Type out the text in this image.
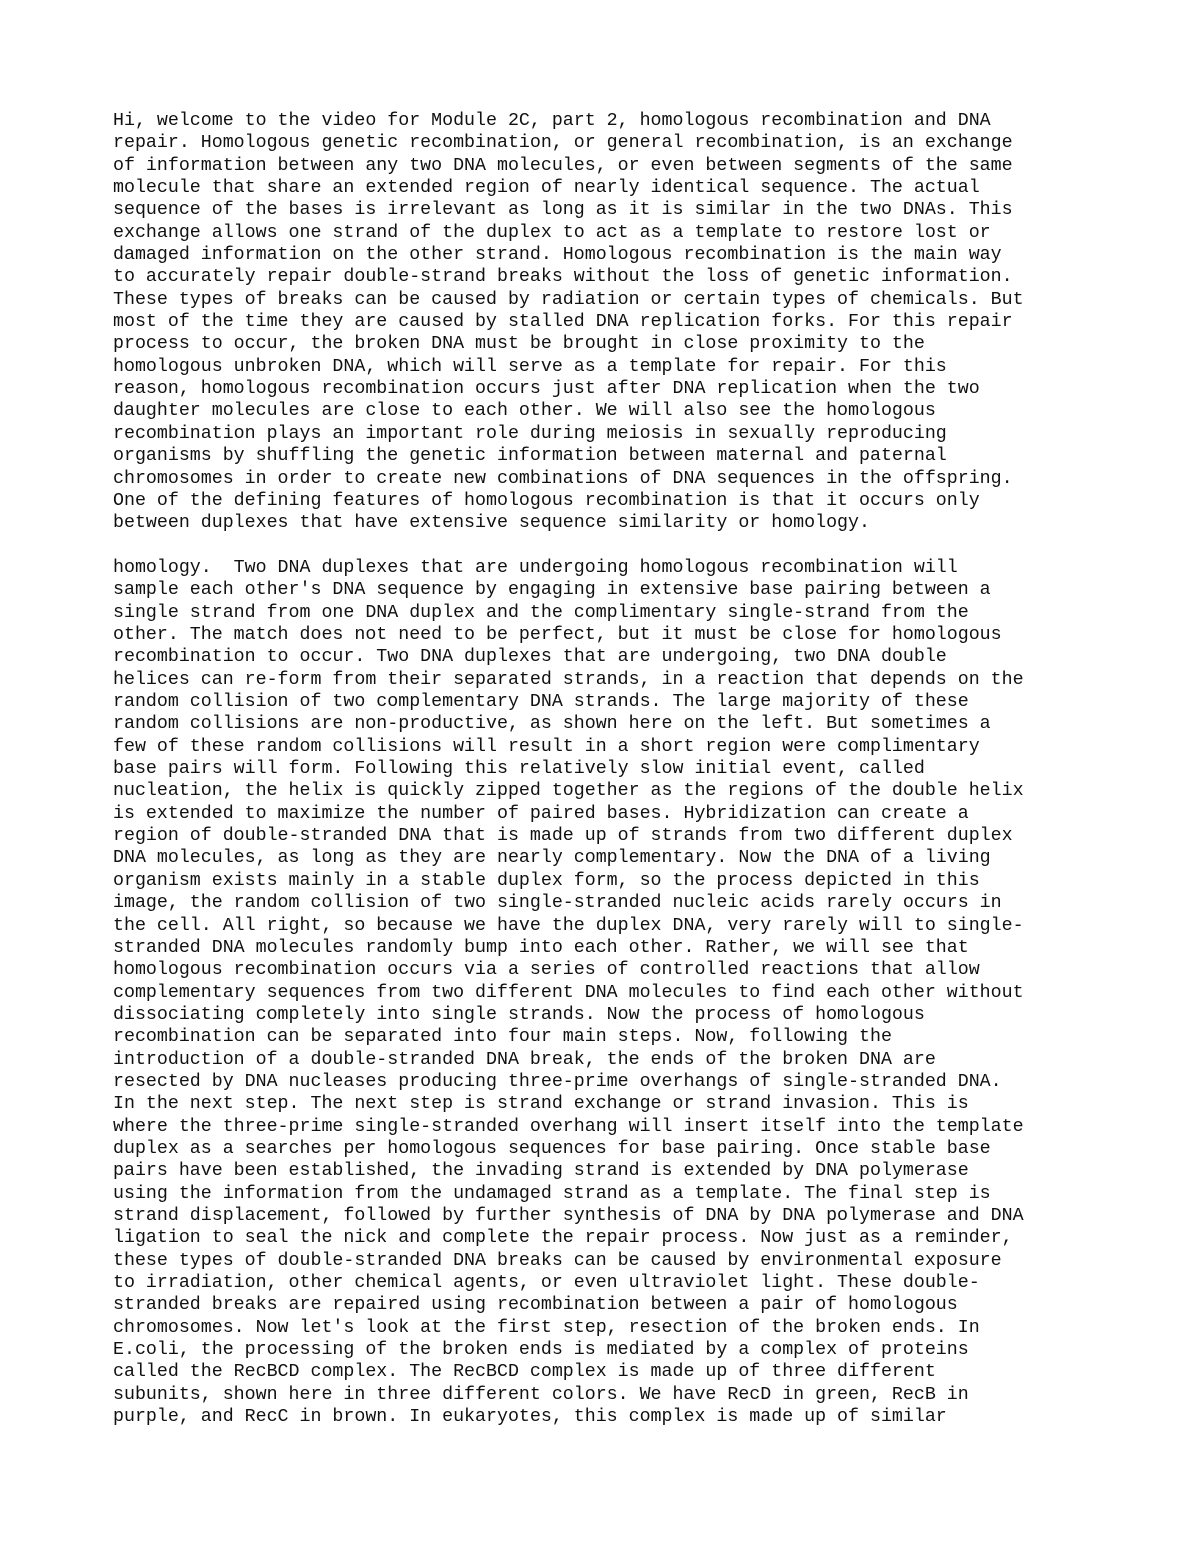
Hi, welcome to the video for Module 2C, part 2, homologous recombination and DNA
repair. Homologous genetic recombination, or general recombination, is an exchange
of information between any two DNA molecules, or even between segments of the same
molecule that share an extended region of nearly identical sequence. The actual
sequence of the bases is irrelevant as long as it is similar in the two DNAs. This
exchange allows one strand of the duplex to act as a template to restore lost or
damaged information on the other strand. Homologous recombination is the main way
to accurately repair double-strand breaks without the loss of genetic information.
These types of breaks can be caused by radiation or certain types of chemicals. But
most of the time they are caused by stalled DNA replication forks. For this repair
process to occur, the broken DNA must be brought in close proximity to the
homologous unbroken DNA, which will serve as a template for repair. For this
reason, homologous recombination occurs just after DNA replication when the two
daughter molecules are close to each other. We will also see the homologous
recombination plays an important role during meiosis in sexually reproducing
organisms by shuffling the genetic information between maternal and paternal
chromosomes in order to create new combinations of DNA sequences in the offspring.
One of the defining features of homologous recombination is that it occurs only
between duplexes that have extensive sequence similarity or homology.
homology.  Two DNA duplexes that are undergoing homologous recombination will
sample each other's DNA sequence by engaging in extensive base pairing between a
single strand from one DNA duplex and the complimentary single-strand from the
other. The match does not need to be perfect, but it must be close for homologous
recombination to occur. Two DNA duplexes that are undergoing, two DNA double
helices can re-form from their separated strands, in a reaction that depends on the
random collision of two complementary DNA strands. The large majority of these
random collisions are non-productive, as shown here on the left. But sometimes a
few of these random collisions will result in a short region were complimentary
base pairs will form. Following this relatively slow initial event, called
nucleation, the helix is quickly zipped together as the regions of the double helix
is extended to maximize the number of paired bases. Hybridization can create a
region of double-stranded DNA that is made up of strands from two different duplex
DNA molecules, as long as they are nearly complementary. Now the DNA of a living
organism exists mainly in a stable duplex form, so the process depicted in this
image, the random collision of two single-stranded nucleic acids rarely occurs in
the cell. All right, so because we have the duplex DNA, very rarely will to single-
stranded DNA molecules randomly bump into each other. Rather, we will see that
homologous recombination occurs via a series of controlled reactions that allow
complementary sequences from two different DNA molecules to find each other without
dissociating completely into single strands. Now the process of homologous
recombination can be separated into four main steps. Now, following the
introduction of a double-stranded DNA break, the ends of the broken DNA are
resected by DNA nucleases producing three-prime overhangs of single-stranded DNA.
In the next step. The next step is strand exchange or strand invasion. This is
where the three-prime single-stranded overhang will insert itself into the template
duplex as a searches per homologous sequences for base pairing. Once stable base
pairs have been established, the invading strand is extended by DNA polymerase
using the information from the undamaged strand as a template. The final step is
strand displacement, followed by further synthesis of DNA by DNA polymerase and DNA
ligation to seal the nick and complete the repair process. Now just as a reminder,
these types of double-stranded DNA breaks can be caused by environmental exposure
to irradiation, other chemical agents, or even ultraviolet light. These double-
stranded breaks are repaired using recombination between a pair of homologous
chromosomes. Now let's look at the first step, resection of the broken ends. In
E.coli, the processing of the broken ends is mediated by a complex of proteins
called the RecBCD complex. The RecBCD complex is made up of three different
subunits, shown here in three different colors. We have RecD in green, RecB in
purple, and RecC in brown. In eukaryotes, this complex is made up of similar
